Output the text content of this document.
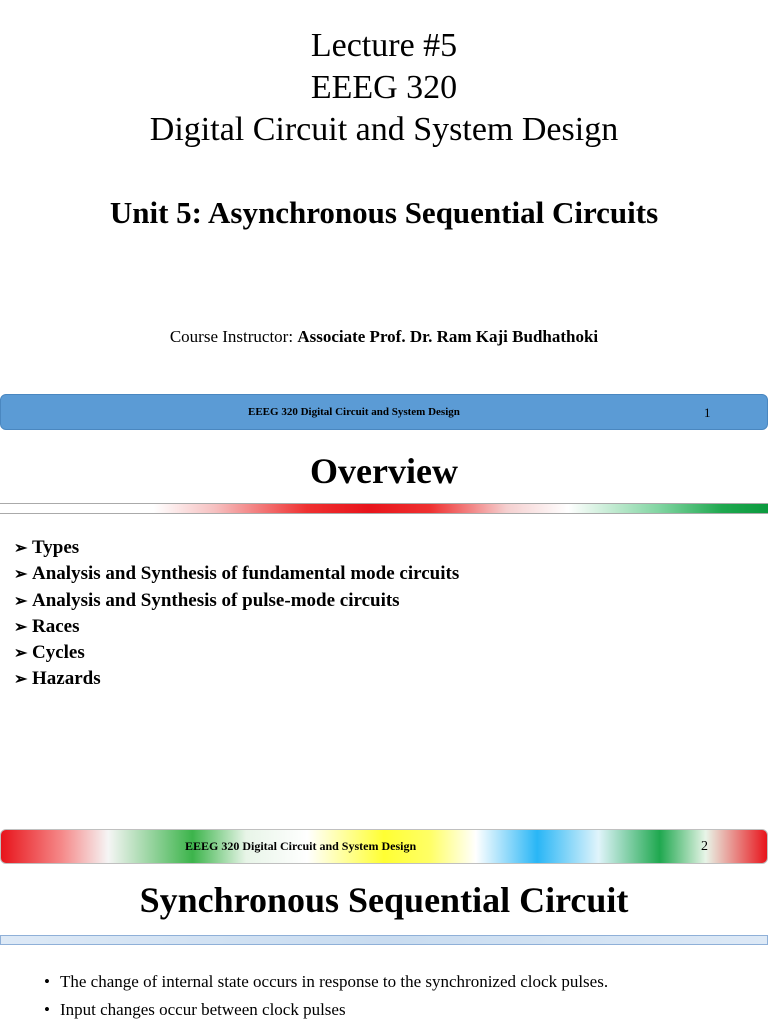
Lecture #5
EEEG 320
Digital Circuit and System Design
Unit 5: Asynchronous Sequential Circuits
Course Instructor: Associate Prof. Dr. Ram Kaji Budhathoki
EEEG 320 Digital Circuit and System Design	1
Overview
➢ Types
➢ Analysis and Synthesis of fundamental mode circuits
➢ Analysis and Synthesis of pulse-mode circuits
➢ Races
➢ Cycles
➢ Hazards
EEEG 320 Digital Circuit and System Design	2
Synchronous Sequential Circuit
• The change of internal state occurs in response to the synchronized clock pulses.
• Input changes occur between clock pulses
